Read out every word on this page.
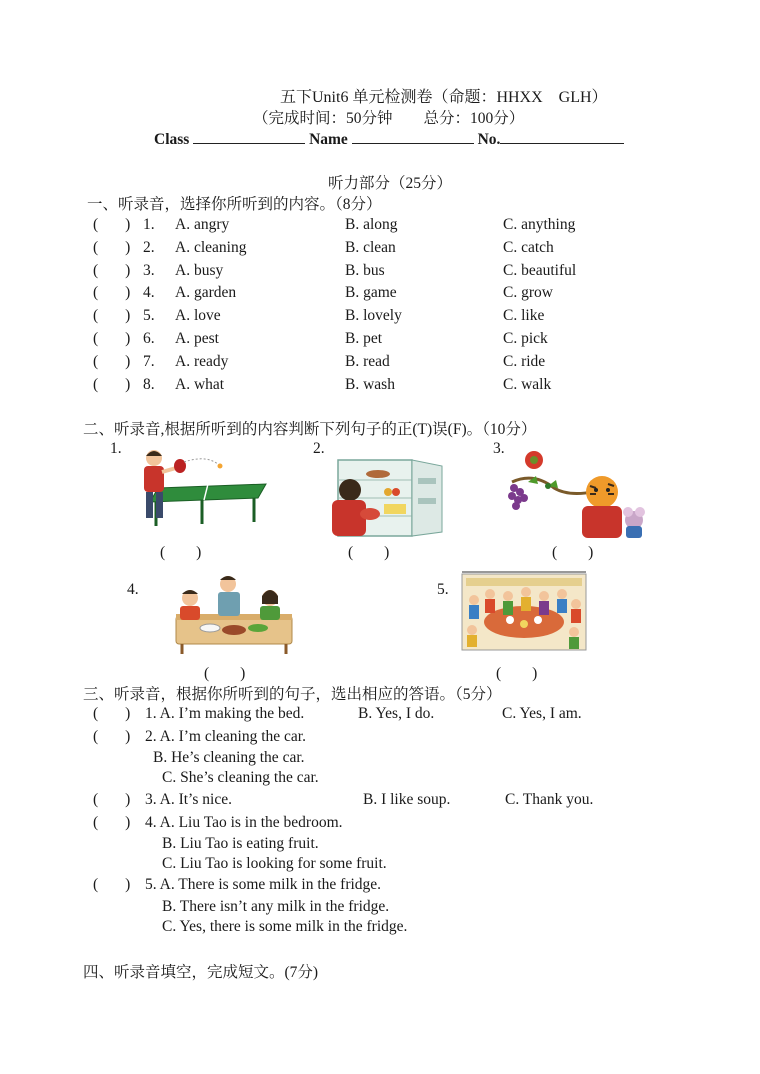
五下Unit6 单元检测卷（命题：HHXX　GLH）
（完成时间：50分钟　　总分：100分）
Class	Name	No.
听力部分（25分）
一、听录音，选择你所听到的内容。（8分）
( ) 1. A. angry	B. along	C. anything
( ) 2. A. cleaning	B. clean	C. catch
( ) 3. A. busy	B. bus	C. beautiful
( ) 4. A. garden	B. game	C. grow
( ) 5. A. love	B. lovely	C. like
( ) 6. A. pest	B. pet	C. pick
( ) 7. A. ready	B. read	C. ride
( ) 8. A. what	B. wash	C. walk
二、听录音,根据所听到的内容判断下列句子的正(T)误(F)。（10分）
1.	2.	3.
4.	5.
(　　)	(　　)	(　　)
(　　)	(　　)
三、听录音，根据你所听到的句子，选出相应的答语。（5分）
( ) 1. A. I’m making the bed.	B. Yes, I do.	C. Yes, I am.
( ) 2. A. I’m cleaning the car.
B. He’s cleaning the car.
C. She’s cleaning the car.
( ) 3. A. It’s nice.	B. I like soup.	C. Thank you.
( ) 4. A. Liu Tao is in the bedroom.
B. Liu Tao is eating fruit.
C. Liu Tao is looking for some fruit.
( ) 5. A. There is some milk in the fridge.
B. There isn’t any milk in the fridge.
C. Yes, there is some milk in the fridge.
四、听录音填空，完成短文。(7分)
